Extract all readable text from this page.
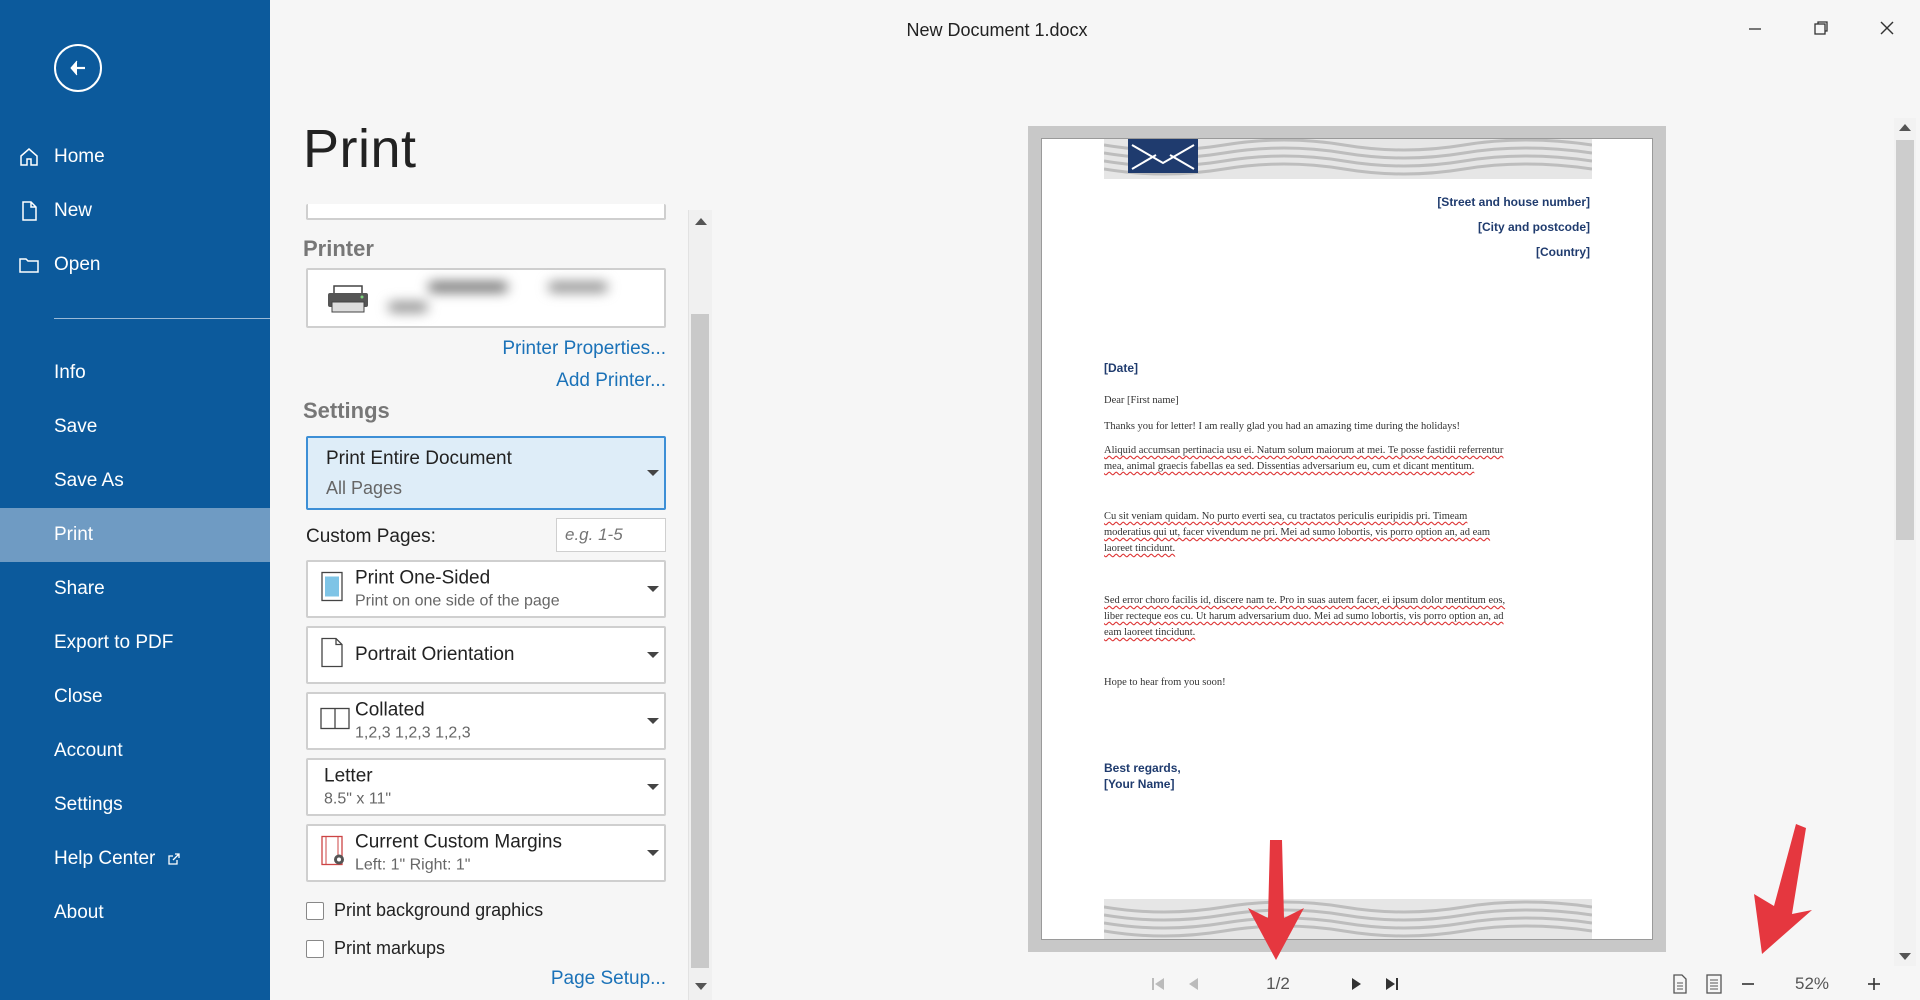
Home
New
Open
Info
Save
Save As
Print
Share
Export to PDF
Close
Account
Settings
Help Center
About
New Document 1.docx
Print
Printer
Printer Properties...
Add Printer...
Settings
Print Entire Document
All Pages
Custom Pages:
e.g. 1-5
Print One-Sided
Print on one side of the page
Portrait Orientation
Collated
1,2,3 1,2,3 1,2,3
Letter
8.5" x 11"
Current Custom Margins
Left: 1" Right: 1"
Print background graphics
Print markups
Page Setup...
[Street and house number]
[City and postcode]
[Country]
[Date]
Dear [First name]
Thanks you for letter! I am really glad you had an amazing time during the holidays!
Aliquid accumsan pertinacia usu ei. Natum solum maiorum at mei. Te posse fastidii referrentur
mea, animal graecis fabellas ea sed. Dissentias adversarium eu, cum et dicant mentitum.
Cu sit veniam quidam. No purto everti sea, cu tractatos periculis euripidis pri. Timeam
moderatius qui ut, facer vivendum ne pri. Mei ad sumo lobortis, vis porro option an, ad eam
laoreet tincidunt.
Sed error choro facilis id, discere nam te. Pro in suas autem facer, ei ipsum dolor mentitum eos,
liber recteque eos cu. Ut harum adversarium duo. Mei ad sumo lobortis, vis porro option an, ad
eam laoreet tincidunt.
Hope to hear from you soon!
Best regards,
[Your Name]
1/2	52%
